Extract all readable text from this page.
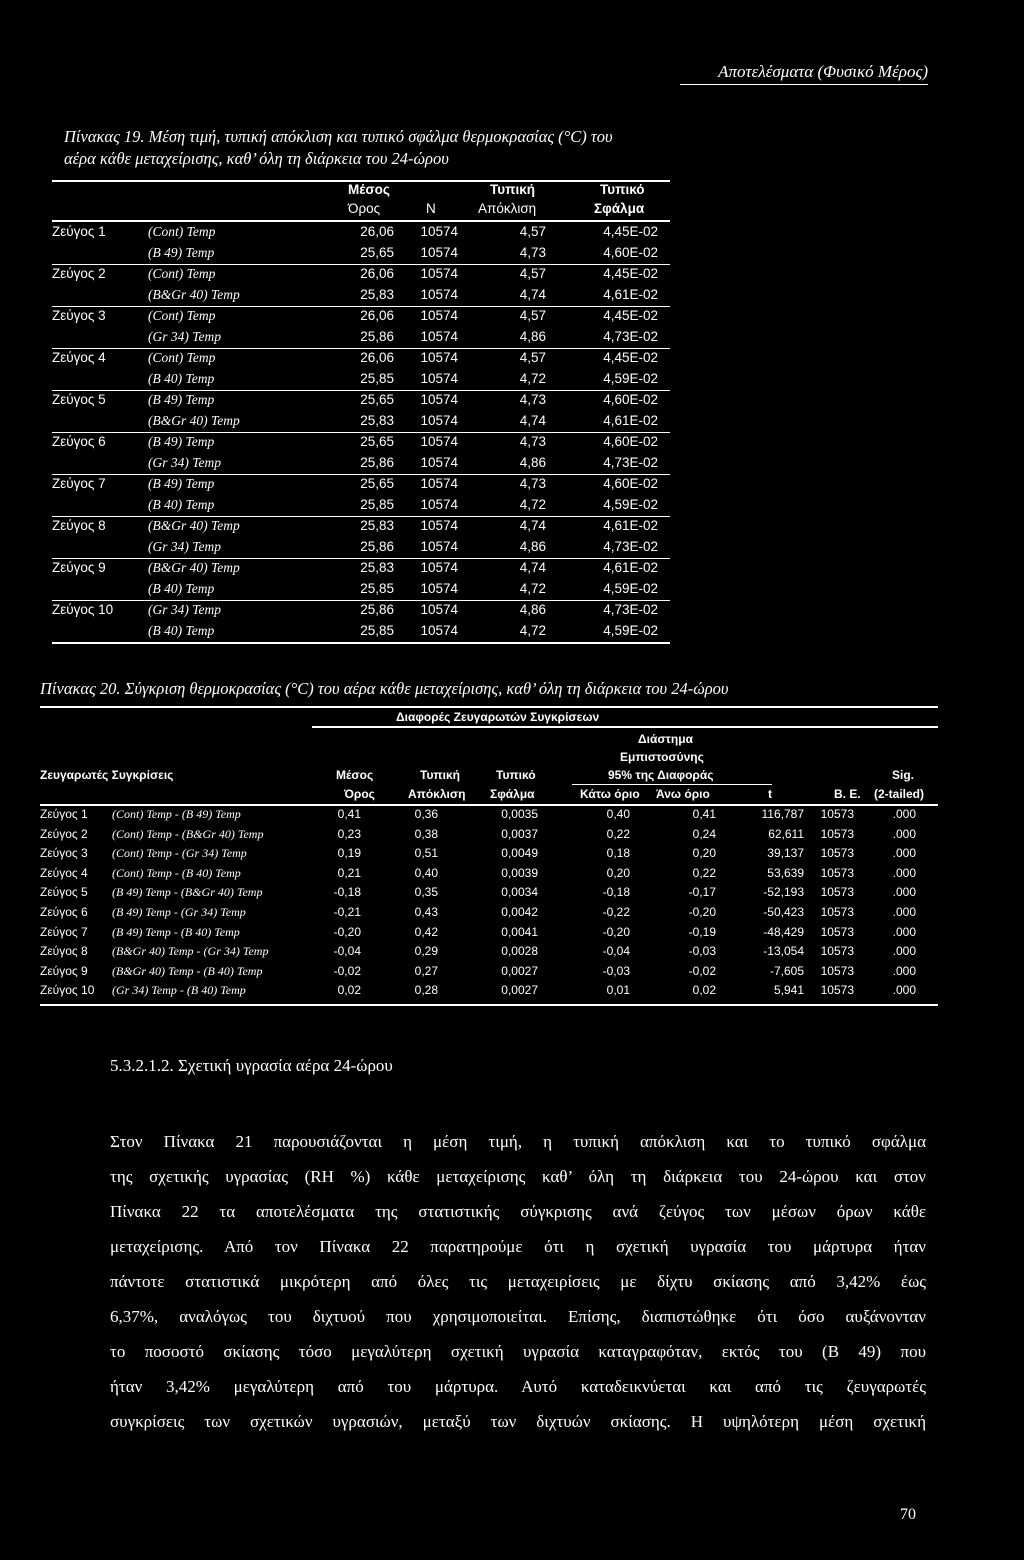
Αποτελέσματα (Φυσικό Μέρος)
Πίνακας 19. Μέση τιμή, τυπική απόκλιση και τυπικό σφάλμα θερμοκρασίας (°C) του
αέρα κάθε μεταχείρισης, καθ’ όλη τη διάρκεια του 24-ώρου
Μέσος
Όρος	N
Τυπική
Απόκλιση
Τυπικό
Σφάλμα
Ζεύγος 1	(Cont) Temp	26,06 10574	4,57	4,45E-02
(B 49) Temp	25,65 10574	4,73	4,60E-02
Ζεύγος 2	(Cont) Temp	26,06 10574	4,57	4,45E-02
(B&Gr 40) Temp	25,83 10574	4,74	4,61E-02
Ζεύγος 3	(Cont) Temp	26,06 10574	4,57	4,45E-02
(Gr 34) Temp	25,86 10574	4,86	4,73E-02
Ζεύγος 4	(Cont) Temp	26,06 10574	4,57	4,45E-02
(B 40) Temp	25,85 10574	4,72	4,59E-02
Ζεύγος 5	(B 49) Temp	25,65 10574	4,73	4,60E-02
(B&Gr 40) Temp	25,83 10574	4,74	4,61E-02
Ζεύγος 6	(B 49) Temp	25,65 10574	4,73	4,60E-02
(Gr 34) Temp	25,86 10574	4,86	4,73E-02
Ζεύγος 7	(B 49) Temp	25,65 10574	4,73	4,60E-02
(B 40) Temp	25,85 10574	4,72	4,59E-02
Ζεύγος 8	(B&Gr 40) Temp	25,83 10574	4,74	4,61E-02
(Gr 34) Temp	25,86 10574	4,86	4,73E-02
Ζεύγος 9	(B&Gr 40) Temp	25,83 10574	4,74	4,61E-02
(B 40) Temp	25,85 10574	4,72	4,59E-02
Ζεύγος 10	(Gr 34) Temp	25,86 10574	4,86	4,73E-02
(B 40) Temp	25,85 10574	4,72	4,59E-02
Πίνακας 20. Σύγκριση θερμοκρασίας (°C) του αέρα κάθε μεταχείρισης, καθ’ όλη τη διάρκεια του 24-ώρου
Διαφορές Ζευγαρωτών Συγκρίσεων
Διάστημα
Εμπιστοσύνης
95% της Διαφοράς
Ζευγαρωτές Συγκρίσεις	Μέσος
Όρος
Τυπική
Απόκλιση
Τυπικό
Σφάλμα	Κάτω όριο Άνω όριο	t	Β. Ε.
Sig.
(2-tailed)
Ζεύγος 1 (Cont) Temp - (B 49) Temp	0,41	0,36	0,0035	0,40	0,41	116,787 10573	.000
Ζεύγος 2 (Cont) Temp - (B&Gr 40) Temp	0,23	0,38	0,0037	0,22	0,24	62,611 10573	.000
Ζεύγος 3 (Cont) Temp - (Gr 34) Temp	0,19	0,51	0,0049	0,18	0,20	39,137 10573	.000
Ζεύγος 4 (Cont) Temp - (B 40) Temp	0,21	0,40	0,0039	0,20	0,22	53,639 10573	.000
Ζεύγος 5 (B 49) Temp - (B&Gr 40) Temp	-0,18	0,35	0,0034	-0,18	-0,17	-52,193 10573	.000
Ζεύγος 6 (B 49) Temp - (Gr 34) Temp	-0,21	0,43	0,0042	-0,22	-0,20	-50,423 10573	.000
Ζεύγος 7 (B 49) Temp - (B 40) Temp	-0,20	0,42	0,0041	-0,20	-0,19	-48,429 10573	.000
Ζεύγος 8 (B&Gr 40) Temp - (Gr 34) Temp	-0,04	0,29	0,0028	-0,04	-0,03	-13,054 10573	.000
Ζεύγος 9 (B&Gr 40) Temp - (B 40) Temp	-0,02	0,27	0,0027	-0,03	-0,02	-7,605 10573	.000
Ζεύγος 10 (Gr 34) Temp - (B 40) Temp	0,02	0,28	0,0027	0,01	0,02	5,941 10573	.000
5.3.2.1.2. Σχετική υγρασία αέρα 24-ώρου
Στον Πίνακα 21 παρουσιάζονται η μέση τιμή, η τυπική απόκλιση και το τυπικό σφάλμα
της σχετικής υγρασίας (RH %) κάθε μεταχείρισης καθ’ όλη τη διάρκεια του 24-ώρου και στον
Πίνακα 22 τα αποτελέσματα της στατιστικής σύγκρισης ανά ζεύγος των μέσων όρων κάθε
μεταχείρισης. Από τον Πίνακα 22 παρατηρούμε ότι η σχετική υγρασία του μάρτυρα ήταν
πάντοτε στατιστικά μικρότερη από όλες τις μεταχειρίσεις με δίχτυ σκίασης από 3,42% έως
6,37%, αναλόγως του διχτυού που χρησιμοποιείται. Επίσης, διαπιστώθηκε ότι όσο αυξάνονταν
το ποσοστό σκίασης τόσο μεγαλύτερη σχετική υγρασία καταγραφόταν, εκτός του (B 49) που
ήταν 3,42% μεγαλύτερη από του μάρτυρα. Αυτό καταδεικνύεται και από τις ζευγαρωτές
συγκρίσεις των σχετικών υγρασιών, μεταξύ των διχτυών σκίασης. Η υψηλότερη μέση σχετική
70
